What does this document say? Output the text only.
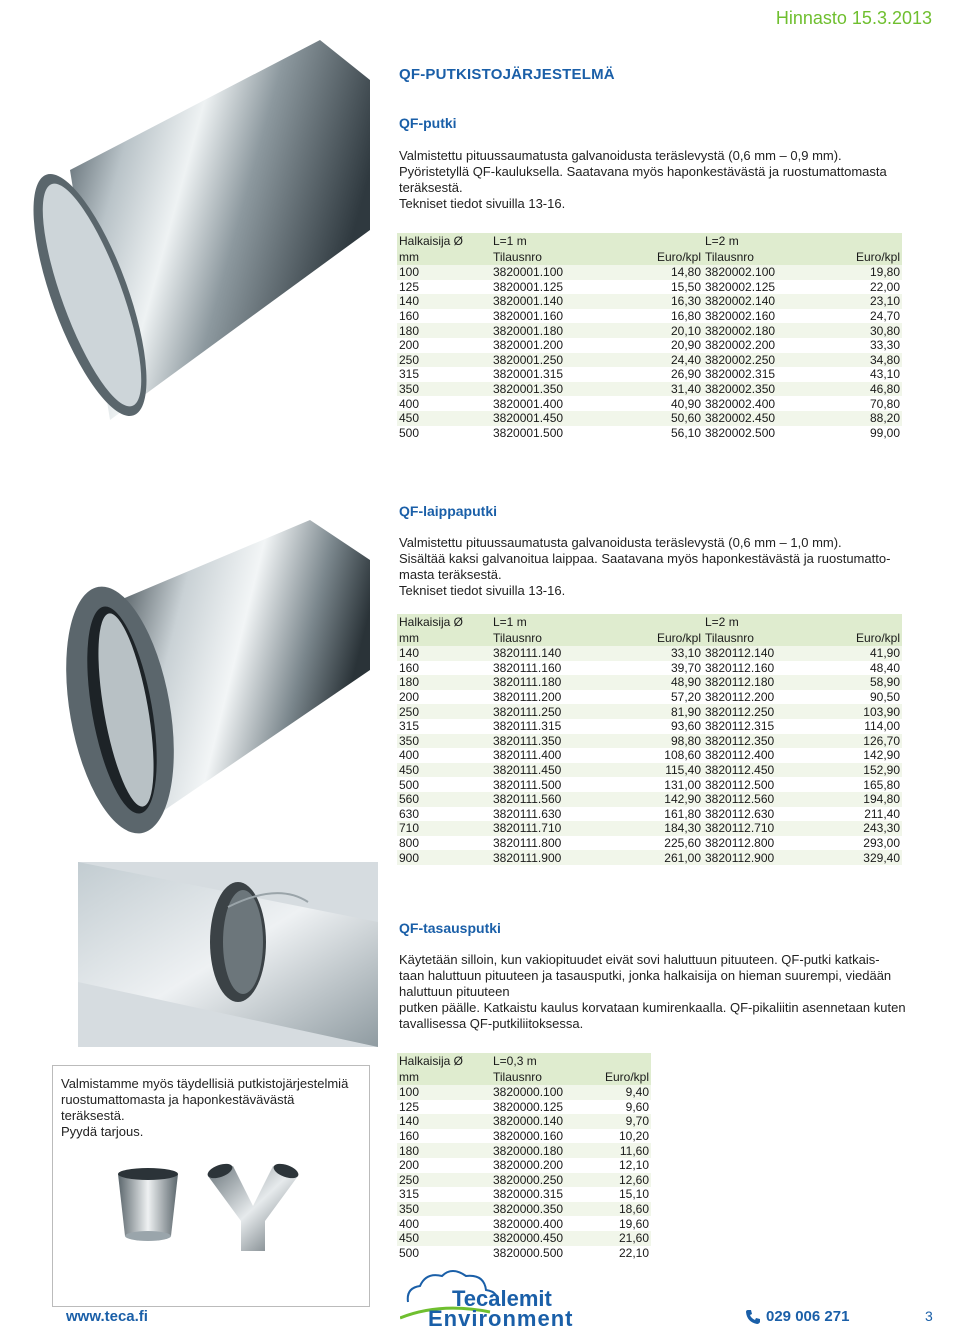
Hinnasto 15.3.2013
QF-PUTKISTOJÄRJESTELMÄ
QF-putki
Valmistettu pituussaumatusta galvanoidusta teräslevystä (0,6 mm – 0,9 mm).
Pyöristetyllä QF-kauluksella. Saatavana myös haponkestävästä ja ruostumattomasta
teräksestä.
Tekniset tiedot sivuilla 13-16.
Halkaisija Ø	L=1 m		L=2 m	
mm	Tilausnro	Euro/kpl	Tilausnro	Euro/kpl
100	3820001.100	14,80	3820002.100	19,80
125	3820001.125	15,50	3820002.125	22,00
140	3820001.140	16,30	3820002.140	23,10
160	3820001.160	16,80	3820002.160	24,70
180	3820001.180	20,10	3820002.180	30,80
200	3820001.200	20,90	3820002.200	33,30
250	3820001.250	24,40	3820002.250	34,80
315	3820001.315	26,90	3820002.315	43,10
350	3820001.350	31,40	3820002.350	46,80
400	3820001.400	40,90	3820002.400	70,80
450	3820001.450	50,60	3820002.450	88,20
500	3820001.500	56,10	3820002.500	99,00
QF-laippaputki
Valmistettu pituussaumatusta galvanoidusta teräslevystä (0,6 mm – 1,0 mm).
Sisältää kaksi galvanoitua laippaa. Saatavana myös haponkestävästä ja ruostumatto-
masta teräksestä.
Tekniset tiedot sivuilla 13-16.
Halkaisija Ø	L=1 m		L=2 m	
mm	Tilausnro	Euro/kpl	Tilausnro	Euro/kpl
140	3820111.140	33,10	3820112.140	41,90
160	3820111.160	39,70	3820112.160	48,40
180	3820111.180	48,90	3820112.180	58,90
200	3820111.200	57,20	3820112.200	90,50
250	3820111.250	81,90	3820112.250	103,90
315	3820111.315	93,60	3820112.315	114,00
350	3820111.350	98,80	3820112.350	126,70
400	3820111.400	108,60	3820112.400	142,90
450	3820111.450	115,40	3820112.450	152,90
500	3820111.500	131,00	3820112.500	165,80
560	3820111.560	142,90	3820112.560	194,80
630	3820111.630	161,80	3820112.630	211,40
710	3820111.710	184,30	3820112.710	243,30
800	3820111.800	225,60	3820112.800	293,00
900	3820111.900	261,00	3820112.900	329,40
QF-tasausputki
Käytetään silloin, kun vakiopituudet eivät sovi haluttuun pituuteen. QF-putki katkais-
taan haluttuun pituuteen ja tasausputki, jonka halkaisija on hieman suurempi, viedään
haluttuun pituuteen
putken päälle. Katkaistu kaulus korvataan kumirenkaalla. QF-pikaliitin asennetaan kuten
tavallisessa QF-putkiliitoksessa.
Halkaisija Ø	L=0,3 m	
mm	Tilausnro	Euro/kpl
100	3820000.100	9,40
125	3820000.125	9,60
140	3820000.140	9,70
160	3820000.160	10,20
180	3820000.180	11,60
200	3820000.200	12,10
250	3820000.250	12,60
315	3820000.315	15,10
350	3820000.350	18,60
400	3820000.400	19,60
450	3820000.450	21,60
500	3820000.500	22,10
Valmistamme myös täydellisiä putkistojärjestelmiä
ruostumattomasta ja haponkestävävästä teräksestä.
Pyydä tarjous.
Tecalemit
Environment
www.teca.fi	029 006 271	3
